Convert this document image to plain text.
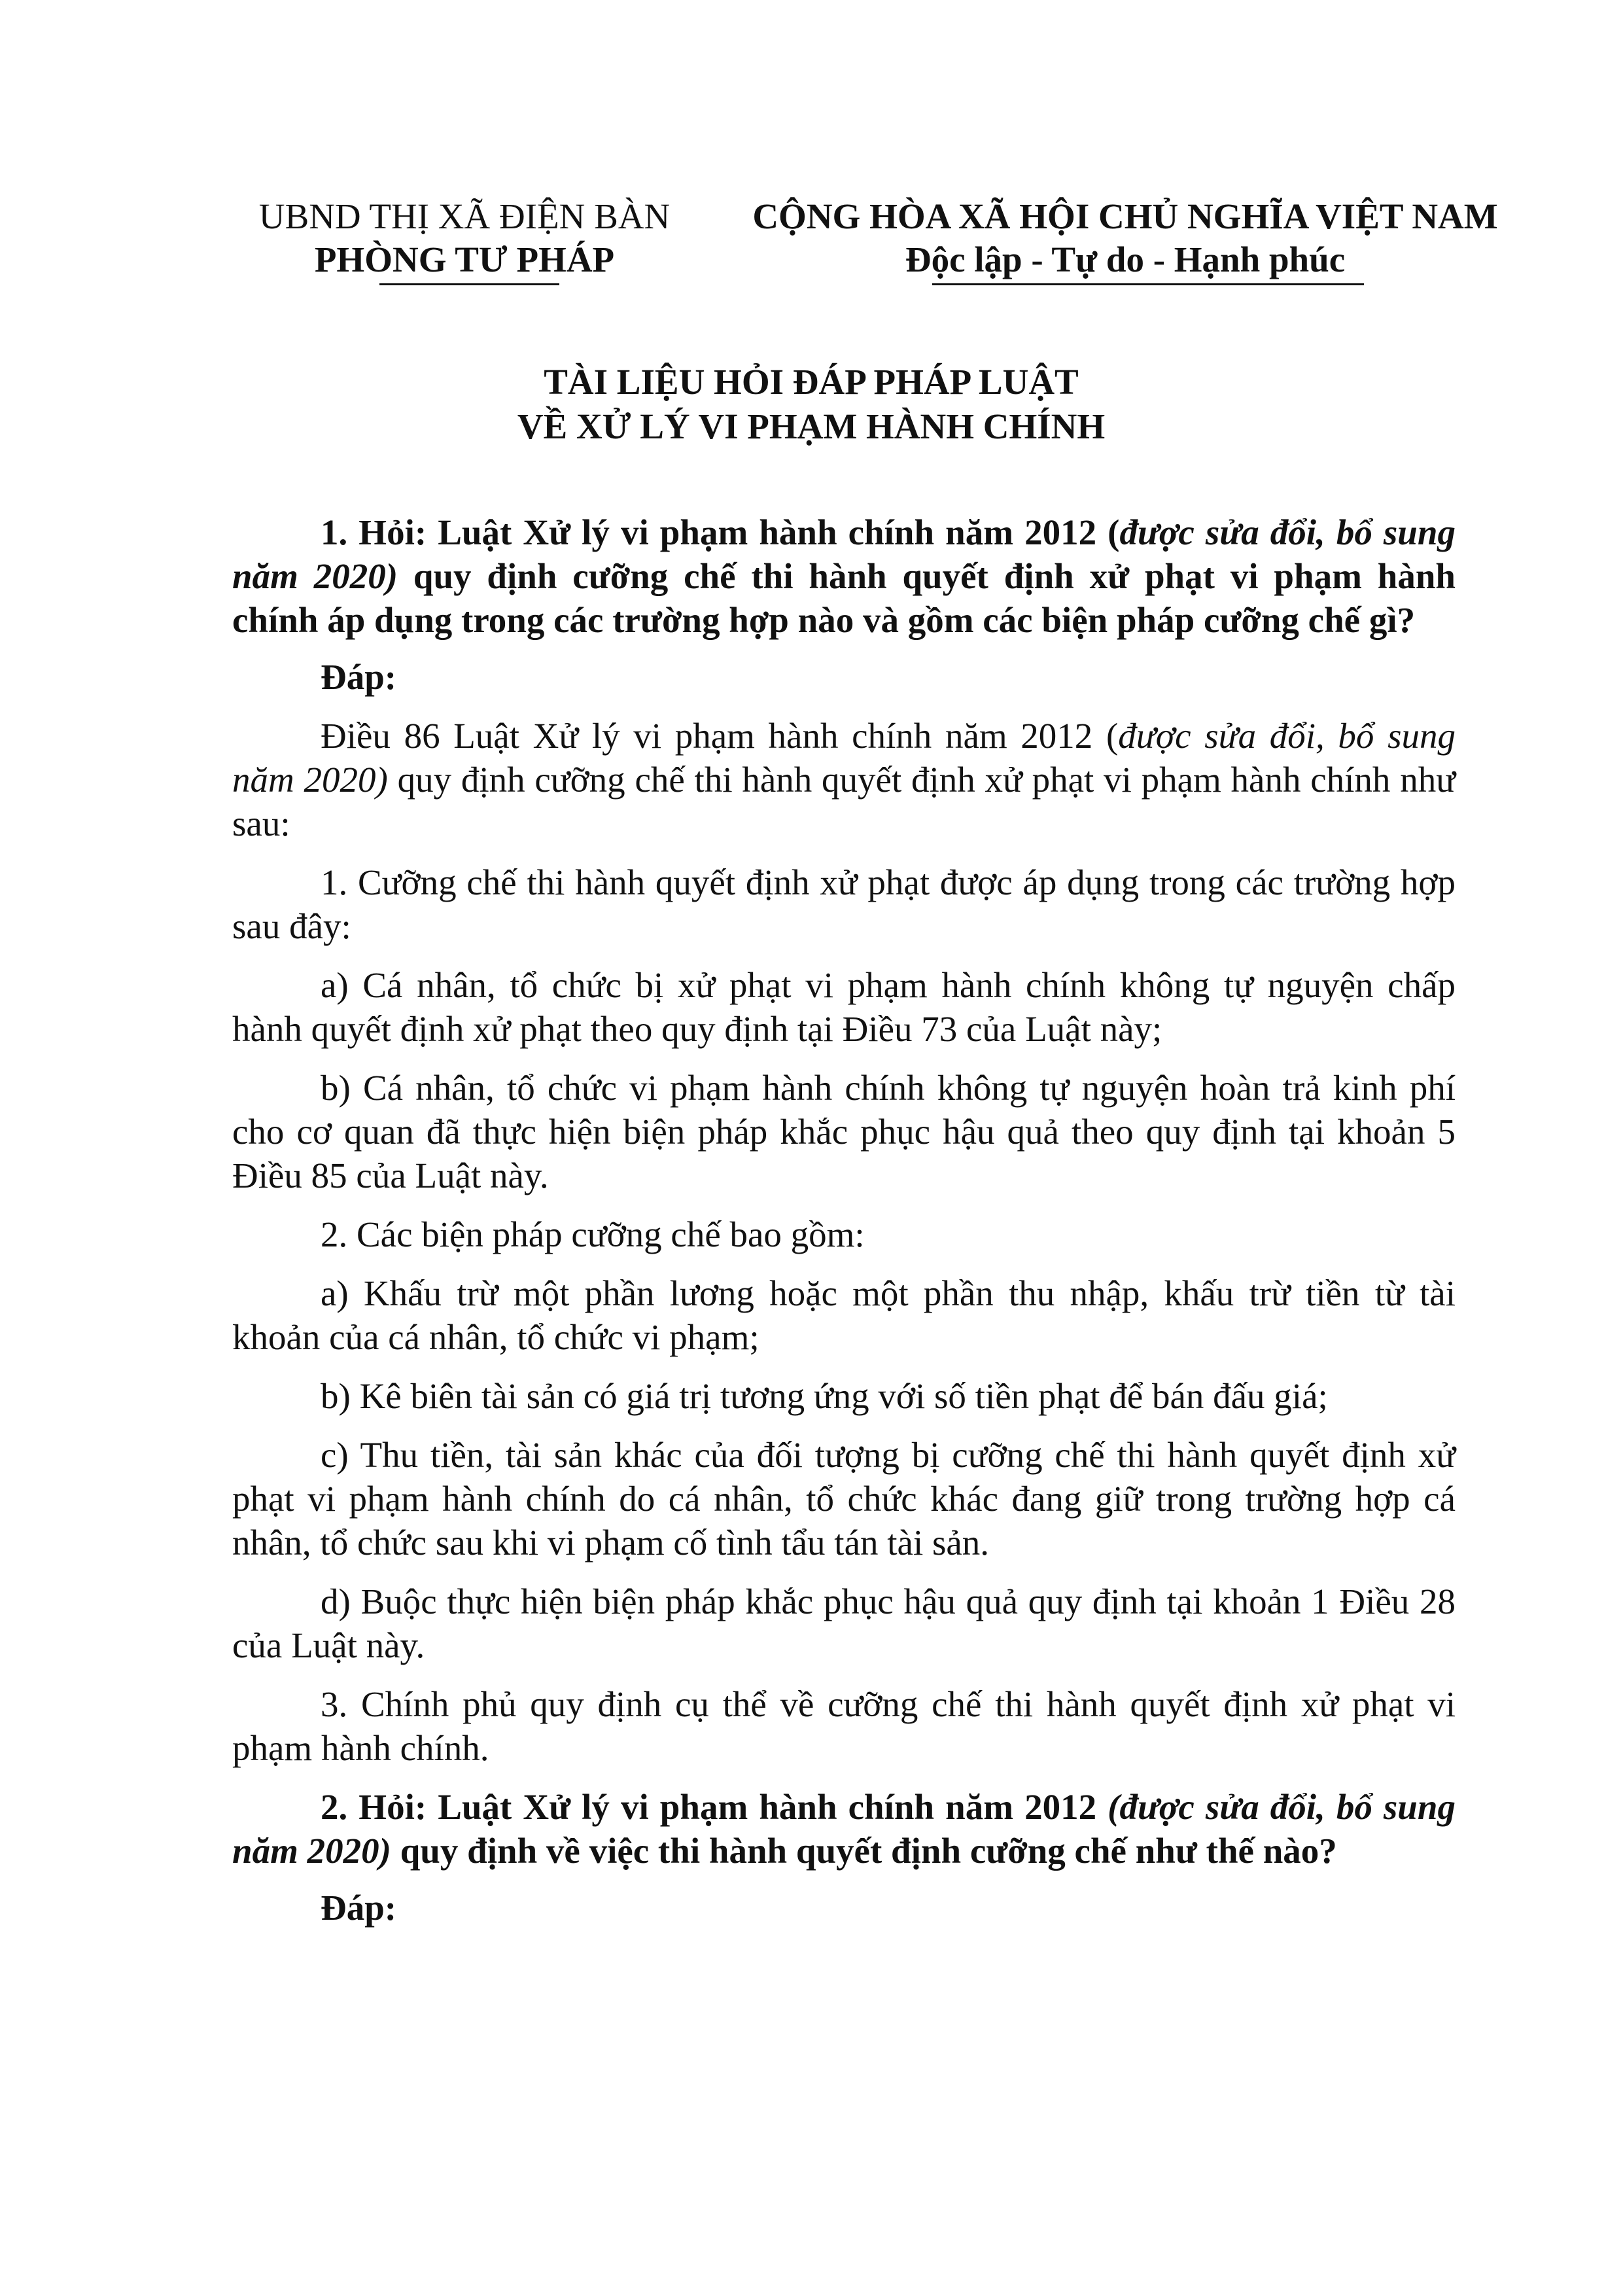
UBND THỊ XÃ ĐIỆN BÀN
PHÒNG TƯ PHÁP
CỘNG HÒA XÃ HỘI CHỦ NGHĨA VIỆT NAM
Độc lập - Tự do - Hạnh phúc
TÀI LIỆU HỎI ĐÁP PHÁP LUẬT
VỀ XỬ LÝ VI PHẠM HÀNH CHÍNH

1. Hỏi: Luật Xử lý vi phạm hành chính năm 2012 (được sửa đổi, bổ sung năm 2020) quy định cưỡng chế thi hành quyết định xử phạt vi phạm hành chính áp dụng trong các trường hợp nào và gồm các biện pháp cưỡng chế gì?

Đáp:

Điều 86 Luật Xử lý vi phạm hành chính năm 2012 (được sửa đổi, bổ sung năm 2020) quy định cưỡng chế thi hành quyết định xử phạt vi phạm hành chính như sau:

1. Cưỡng chế thi hành quyết định xử phạt được áp dụng trong các trường hợp sau đây:

a) Cá nhân, tổ chức bị xử phạt vi phạm hành chính không tự nguyện chấp hành quyết định xử phạt theo quy định tại Điều 73 của Luật này;

b) Cá nhân, tổ chức vi phạm hành chính không tự nguyện hoàn trả kinh phí cho cơ quan đã thực hiện biện pháp khắc phục hậu quả theo quy định tại khoản 5 Điều 85 của Luật này.

2. Các biện pháp cưỡng chế bao gồm:

a) Khấu trừ một phần lương hoặc một phần thu nhập, khấu trừ tiền từ tài khoản của cá nhân, tổ chức vi phạm;

b) Kê biên tài sản có giá trị tương ứng với số tiền phạt để bán đấu giá;

c) Thu tiền, tài sản khác của đối tượng bị cưỡng chế thi hành quyết định xử phạt vi phạm hành chính do cá nhân, tổ chức khác đang giữ trong trường hợp cá nhân, tổ chức sau khi vi phạm cố tình tẩu tán tài sản.

d) Buộc thực hiện biện pháp khắc phục hậu quả quy định tại khoản 1 Điều 28 của Luật này.

3. Chính phủ quy định cụ thể về cưỡng chế thi hành quyết định xử phạt vi phạm hành chính.

2. Hỏi: Luật Xử lý vi phạm hành chính năm 2012 (được sửa đổi, bổ sung năm 2020) quy định về việc thi hành quyết định cưỡng chế như thế nào?

Đáp:
